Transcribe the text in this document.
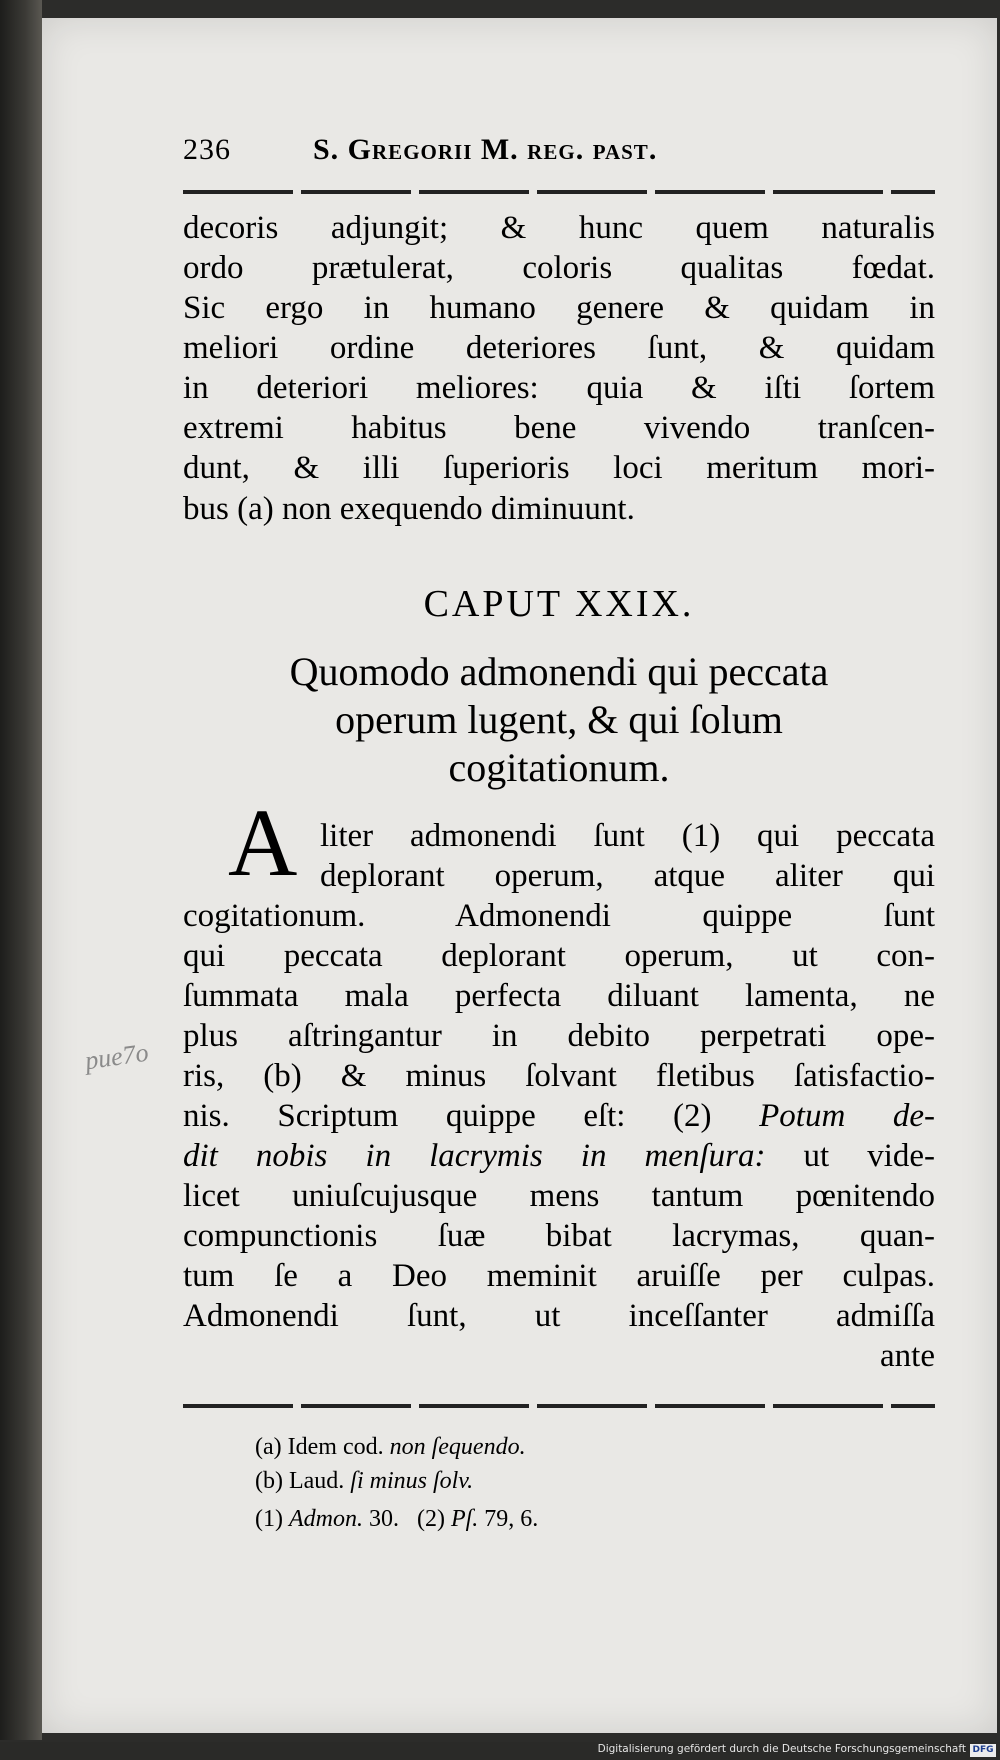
236	S. Gregorii M. reg. past.
decoris adjungit; & hunc quem naturalis
ordo prætulerat, coloris qualitas fœdat.
Sic ergo in humano genere & quidam in
meliori ordine deteriores ſunt, & quidam
in deteriori meliores: quia & iſti ſortem
extremi habitus bene vivendo tranſcen-
dunt, & illi ſuperioris loci meritum mori-
bus (a) non exequendo diminuunt.
CAPUT XXIX.
Quomodo admonendi qui peccata
operum lugent, & qui ſolum
cogitationum.
A liter admonendi ſunt (1) qui peccata
deplorant operum, atque aliter qui
cogitationum. Admonendi quippe ſunt
qui peccata deplorant operum, ut con-
ſummata mala perfecta diluant lamenta, ne
plus aſtringantur in debito perpetrati ope-
ris, (b) & minus ſolvant fletibus ſatisfactio-
nis. Scriptum quippe eſt: (2) Potum de-
dit nobis in lacrymis in menſura: ut vide-
licet uniuſcujusque mens tantum pœnitendo
compunctionis ſuæ bibat lacrymas, quan-
tum ſe a Deo meminit aruiſſe per culpas.
Admonendi ſunt, ut inceſſanter admiſſa
ante
(a) Idem cod. non ſequendo.
(b) Laud. ſi minus ſolv.
(1) Admon. 30. (2) Pſ. 79, 6.
pue7o
Digitalisierung gefördert durch die Deutsche Forschungsgemeinschaft DFG
